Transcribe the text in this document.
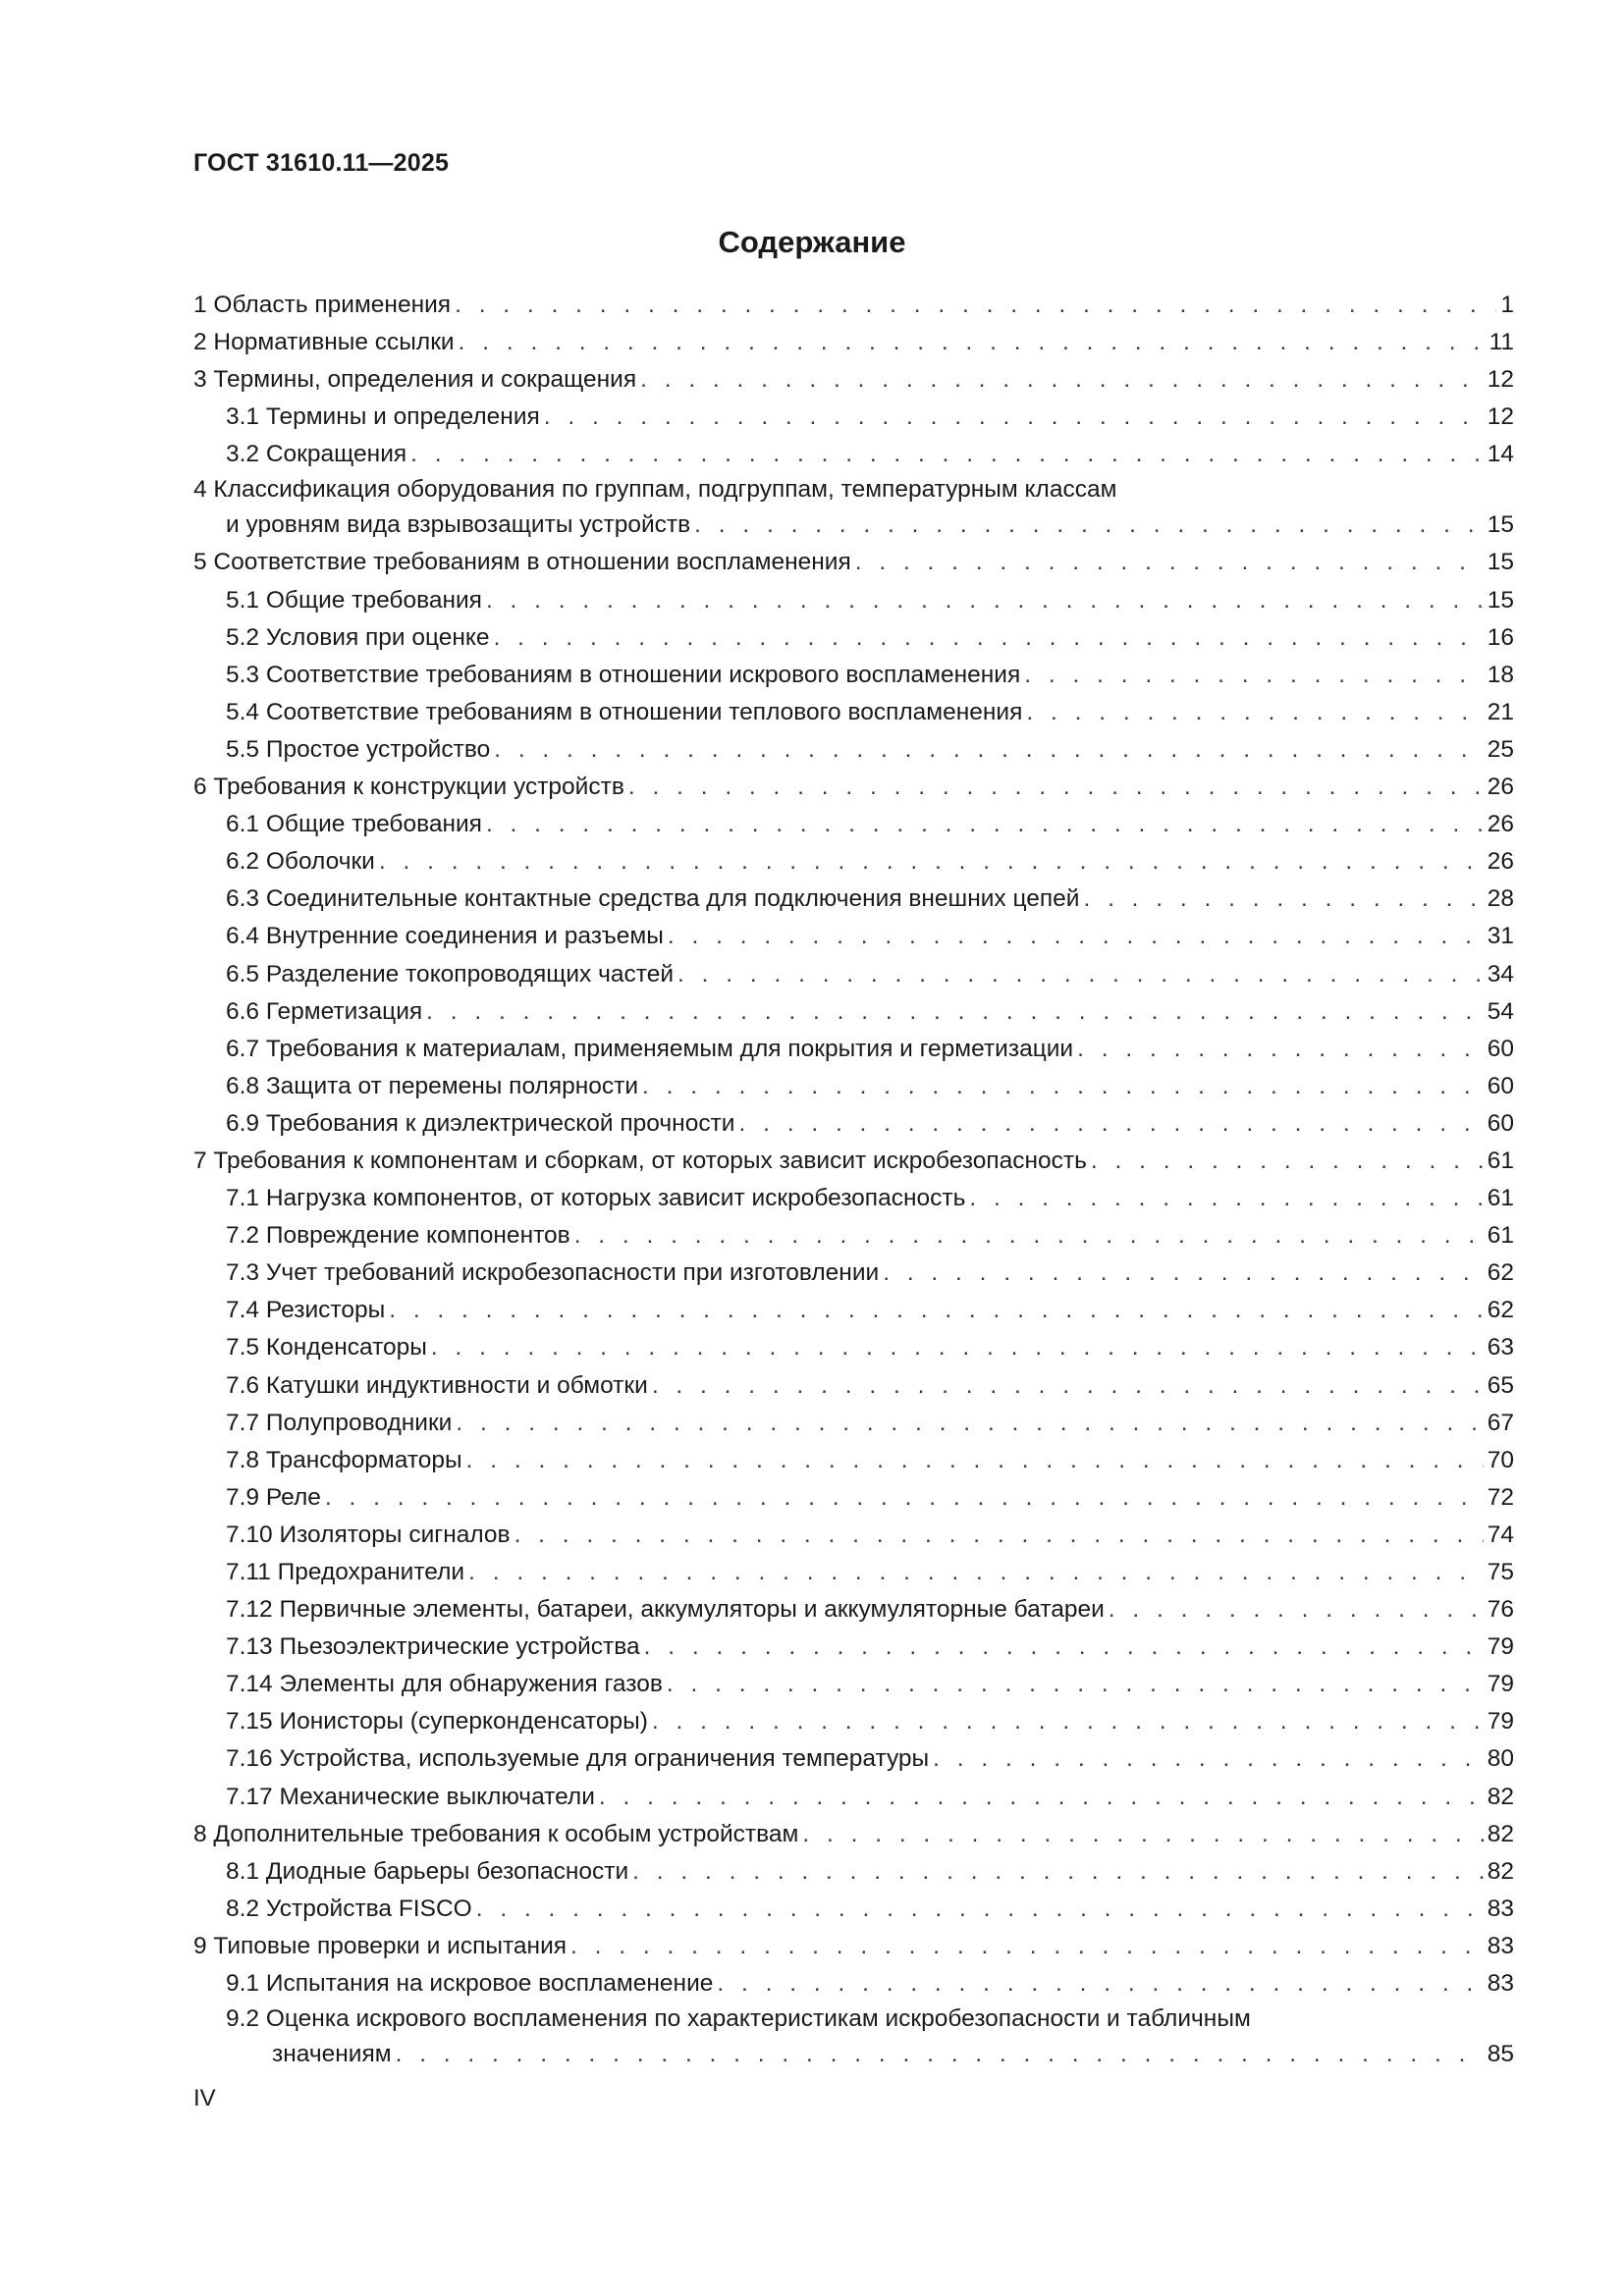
ГОСТ 31610.11—2025
Содержание
1 Область применения . . .	1
2 Нормативные ссылки . . .	11
3 Термины, определения и сокращения . . .	12
3.1 Термины и определения . . .	12
3.2 Сокращения . . .	14
4 Классификация оборудования по группам, подгруппам, температурным классам
и уровням вида взрывозащиты устройств . . .	15
5 Соответствие требованиям в отношении воспламенения . . .	15
5.1 Общие требования . . .	15
5.2 Условия при оценке . . .	16
5.3 Соответствие требованиям в отношении искрового воспламенения . . .	18
5.4 Соответствие требованиям в отношении теплового воспламенения . . .	21
5.5 Простое устройство . . .	25
6 Требования к конструкции устройств . . .	26
6.1 Общие требования . . .	26
6.2 Оболочки . . .	26
6.3 Соединительные контактные средства для подключения внешних цепей . . .	28
6.4 Внутренние соединения и разъемы . . .	31
6.5 Разделение токопроводящих частей . . .	34
6.6 Герметизация . . .	54
6.7 Требования к материалам, применяемым для покрытия и герметизации . . .	60
6.8 Защита от перемены полярности . . .	60
6.9 Требования к диэлектрической прочности . . .	60
7 Требования к компонентам и сборкам, от которых зависит искробезопасность . . .	61
7.1 Нагрузка компонентов, от которых зависит искробезопасность . . .	61
7.2 Повреждение компонентов . . .	61
7.3 Учет требований искробезопасности при изготовлении . . .	62
7.4 Резисторы . . .	62
7.5 Конденсаторы . . .	63
7.6 Катушки индуктивности и обмотки . . .	65
7.7 Полупроводники . . .	67
7.8 Трансформаторы . . .	70
7.9 Реле . . .	72
7.10 Изоляторы сигналов . . .	74
7.11 Предохранители . . .	75
7.12 Первичные элементы, батареи, аккумуляторы и аккумуляторные батареи . . .	76
7.13 Пьезоэлектрические устройства . . .	79
7.14 Элементы для обнаружения газов . . .	79
7.15 Ионисторы (суперконденсаторы) . . .	79
7.16 Устройства, используемые для ограничения температуры . . .	80
7.17 Механические выключатели . . .	82
8 Дополнительные требования к особым устройствам . . .	82
8.1 Диодные барьеры безопасности . . .	82
8.2 Устройства FISCO . . .	83
9 Типовые проверки и испытания . . .	83
9.1 Испытания на искровое воспламенение . . .	83
9.2 Оценка искрового воспламенения по характеристикам искробезопасности и табличным
значениям . . .	85
IV
